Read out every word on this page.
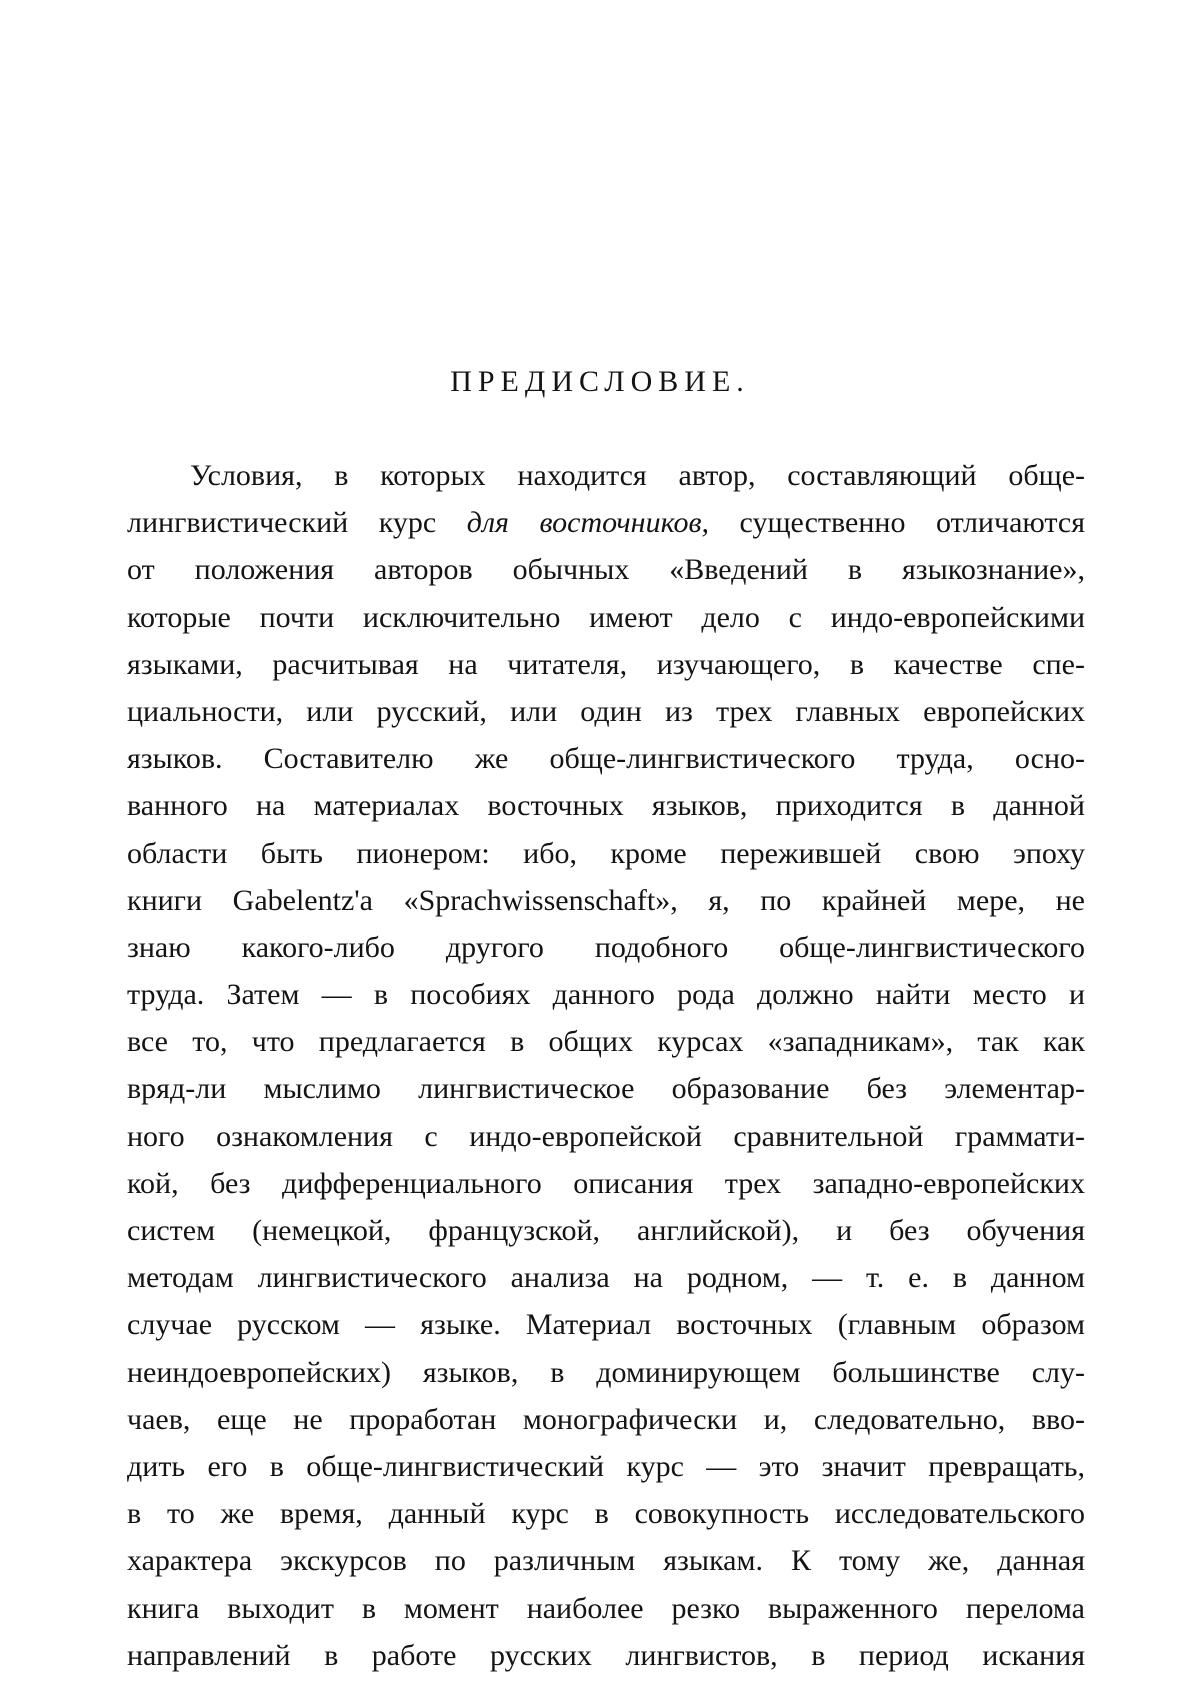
ПРЕДИСЛОВИЕ.
Условия, в которых находится автор, составляющий обще-
лингвистический курс для восточников, существенно отличаются
от положения авторов обычных «Введений в языкознание»,
которые почти исключительно имеют дело с индо-европейскими
языками, расчитывая на читателя, изучающего, в качестве спе-
циальности, или русский, или один из трех главных европейских
языков. Составителю же обще-лингвистического труда, осно-
ванного на материалах восточных языков, приходится в данной
области быть пионером: ибо, кроме пережившей свою эпоху
книги Gabelentz'a «Sprachwissenschaft», я, по крайней мере, не
знаю какого-либо другого подобного обще-лингвистического
труда. Затем — в пособиях данного рода должно найти место и
все то, что предлагается в общих курсах «западникам», так как
вряд-ли мыслимо лингвистическое образование без элементар-
ного ознакомления с индо-европейской сравнительной граммати-
кой, без дифференциального описания трех западно-европейских
систем (немецкой, французской, английской), и без обучения
методам лингвистического анализа на родном, — т. е. в данном
случае русском — языке. Материал восточных (главным образом
неиндоевропейских) языков, в доминирующем большинстве слу-
чаев, еще не проработан монографически и, следовательно, вво-
дить его в обще-лингвистический курс — это значит превращать,
в то же время, данный курс в совокупность исследовательского
характера экскурсов по различным языкам. К тому же, данная
книга выходит в момент наиболее резко выраженного перелома
направлений в работе русских лингвистов, в период искания
